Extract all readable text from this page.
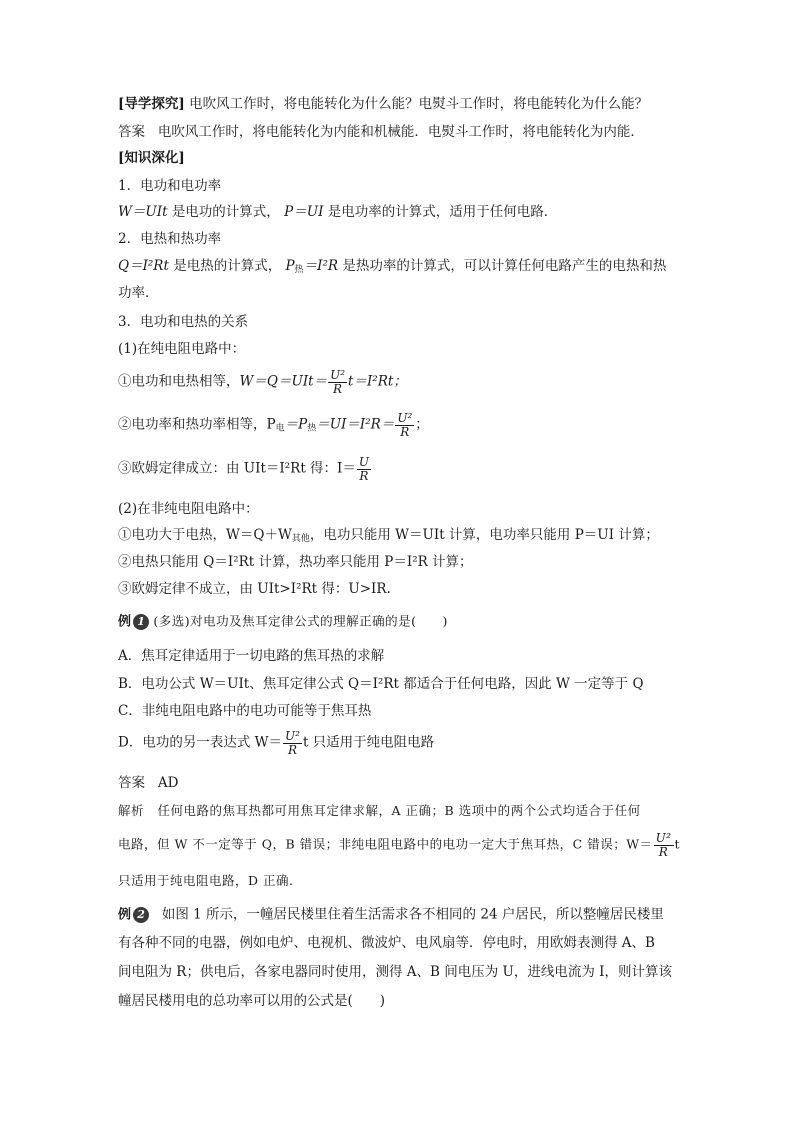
[导学探究] 电吹风工作时，将电能转化为什么能？电熨斗工作时，将电能转化为什么能？
答案 电吹风工作时，将电能转化为内能和机械能．电熨斗工作时，将电能转化为内能．
[知识深化]
1．电功和电功率
W＝UIt 是电功的计算式， P＝UI 是电功率的计算式，适用于任何电路．
2．电热和热功率
Q＝I²Rt 是电热的计算式， $P_热=I^2R$ 是热功率的计算式，可以计算任何电路产生的电热和热
功率．
3．电功和电热的关系
(1)在纯电阻电路中：
①电功和电热相等，$W=Q=UIt= \frac{\text{U²}}{R} t=I^2Rt$；
②电功率和热功率相等，$P_电=P_热=UI=I^2R= \frac{\text{U²}}{R}$ ；
③欧姆定律成立：由 UIt＝I²Rt 得：$I= \frac{U}{R}$
(2)在非纯电阻电路中：
①电功大于电热，$W=Q+W_{其他}$，电功只能用 W＝UIt 计算，电功率只能用 P＝UI 计算；
②电热只能用 Q＝I²Rt 计算，热功率只能用 P＝I²R 计算；
③欧姆定律不成立，由 UIt>I²Rt 得：U>IR.
例 1 (多选)对电功及焦耳定律公式的理解正确的是(　　)
A．焦耳定律适用于一切电路的焦耳热的求解
B．电功公式 W＝UIt、焦耳定律公式 Q＝I²Rt 都适合于任何电路，因此 W 一定等于 Q
C．非纯电阻电路中的电功可能等于焦耳热
D．电功的另一表达式 $W= \frac{\text{U²}}{R}$ t 只适用于纯电阻电路
答案 AD
解析 任何电路的焦耳热都可用焦耳定律求解，A 正确；B 选项中的两个公式均适合于任何
电路，但 W 不一定等于 Q，B 错误；非纯电阻电路中的电功一定大于焦耳热，C 错误；$W= \frac{\text{U²}}{R}$ t
只适用于纯电阻电路，D 正确.
例 2 如图 1 所示，一幢居民楼里住着生活需求各不相同的 24 户居民，所以整幢居民楼里
有各种不同的电器，例如电炉、电视机、微波炉、电风扇等．停电时，用欧姆表测得 A、B
间电阻为 R；供电后，各家电器同时使用，测得 A、B 间电压为 U，进线电流为 I，则计算该
幢居民楼用电的总功率可以用的公式是(　　)
